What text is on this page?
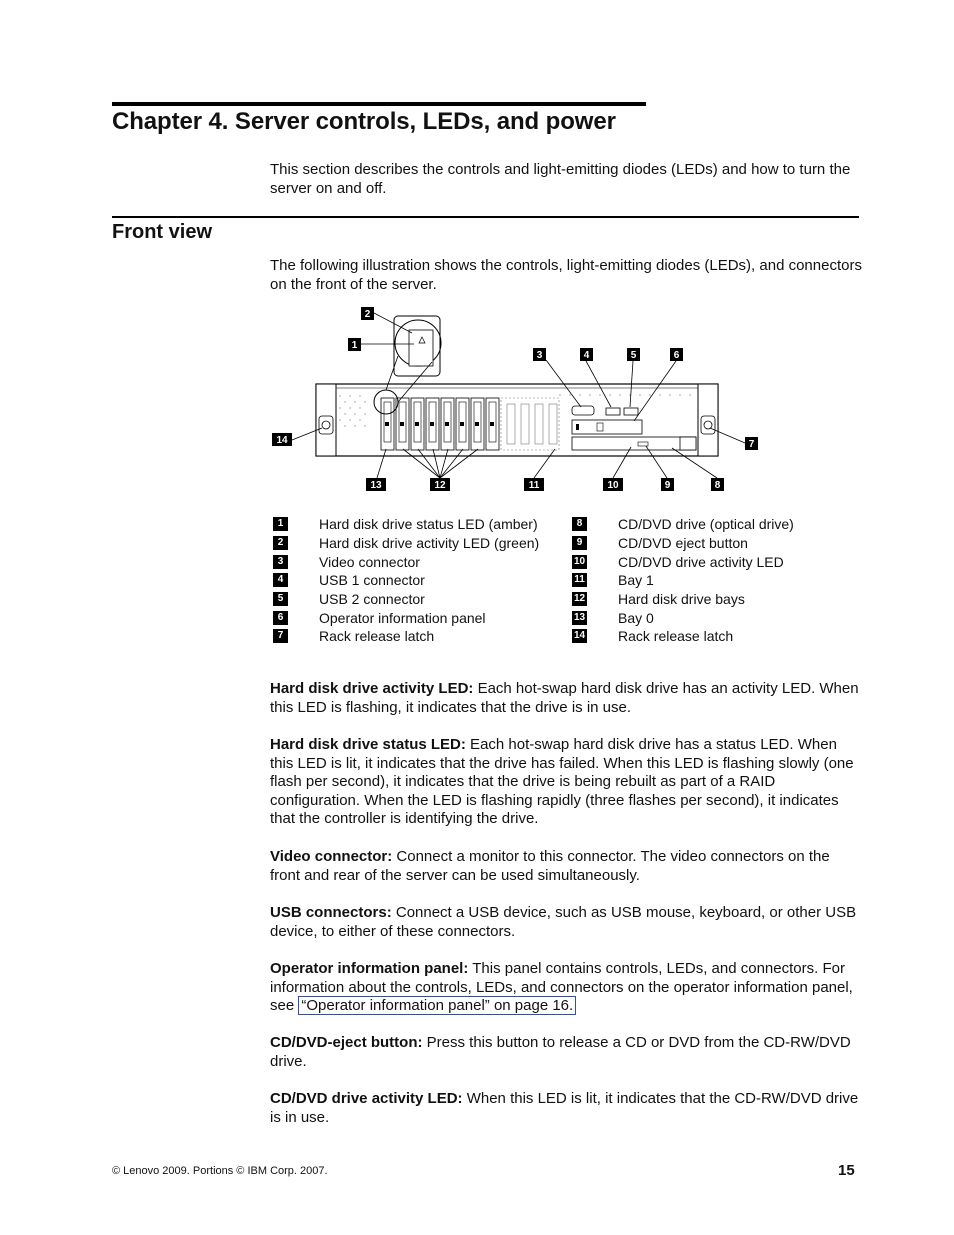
Chapter 4. Server controls, LEDs, and power
This section describes the controls and light-emitting diodes (LEDs) and how to turn the server on and off.
Front view
The following illustration shows the controls, light-emitting diodes (LEDs), and connectors on the front of the server.
2
1
3	4	5	6
14	7
13	12	11	10	9	8
1	Hard disk drive status LED (amber)
2	Hard disk drive activity LED (green)
3	Video connector
4	USB 1 connector
5	USB 2 connector
6	Operator information panel
7	Rack release latch
8	CD/DVD drive (optical drive)
9	CD/DVD eject button
10 CD/DVD drive activity LED
11 Bay 1
12 Hard disk drive bays
13 Bay 0
14 Rack release latch
Hard disk drive activity LED: Each hot-swap hard disk drive has an activity LED. When this LED is flashing, it indicates that the drive is in use.
Hard disk drive status LED: Each hot-swap hard disk drive has a status LED. When this LED is lit, it indicates that the drive has failed. When this LED is flashing slowly (one flash per second), it indicates that the drive is being rebuilt as part of a RAID configuration. When the LED is flashing rapidly (three flashes per second), it indicates that the controller is identifying the drive.
Video connector: Connect a monitor to this connector. The video connectors on the front and rear of the server can be used simultaneously.
USB connectors: Connect a USB device, such as USB mouse, keyboard, or other USB device, to either of these connectors.
Operator information panel: This panel contains controls, LEDs, and connectors. For information about the controls, LEDs, and connectors on the operator information panel, see “Operator information panel” on page 16.
CD/DVD-eject button: Press this button to release a CD or DVD from the CD-RW/DVD drive.
CD/DVD drive activity LED: When this LED is lit, it indicates that the CD-RW/DVD drive is in use.
© Lenovo 2009. Portions © IBM Corp. 2007.	15
